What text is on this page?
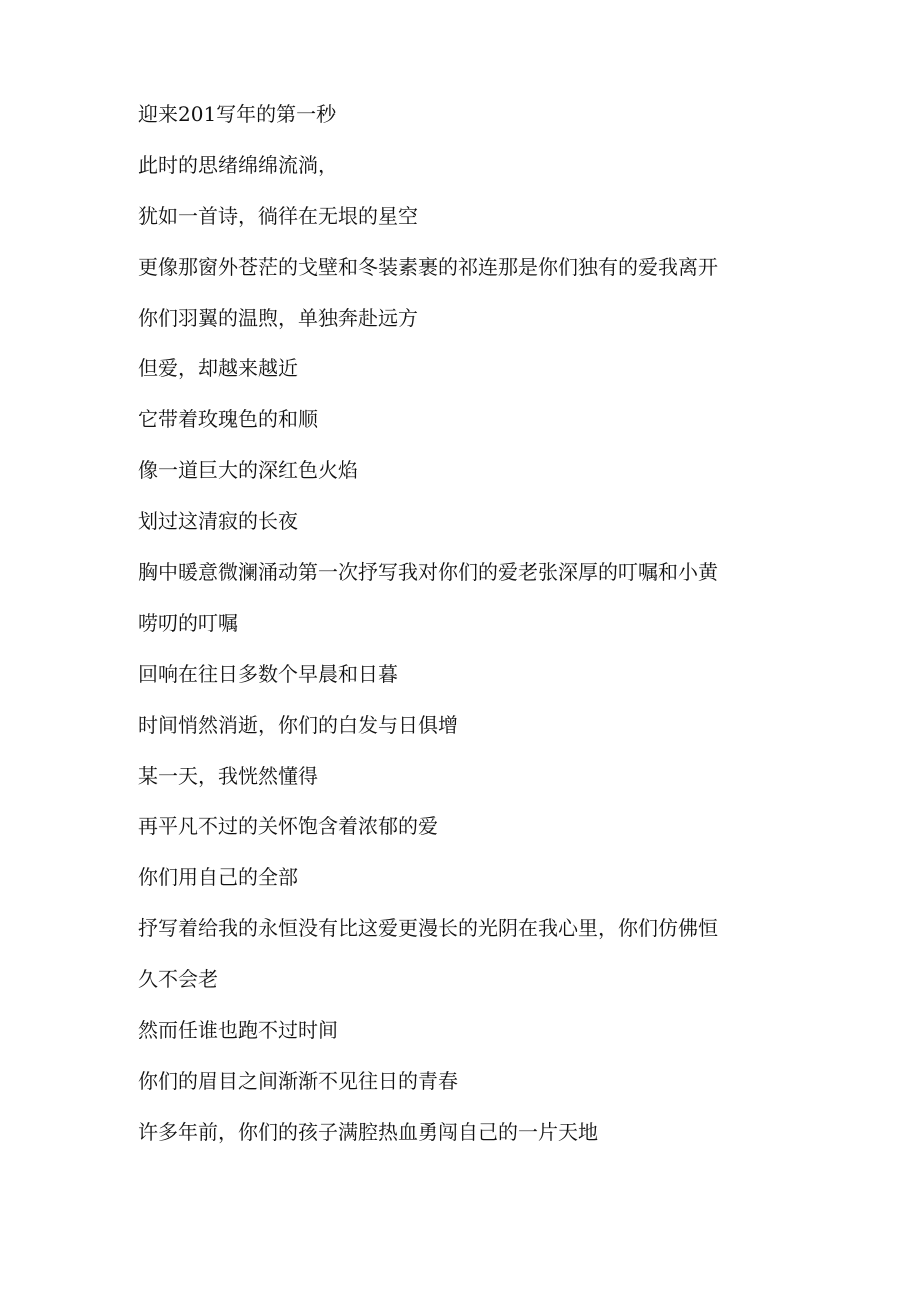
迎来201写年的第一秒
此时的思绪绵绵流淌，
犹如一首诗，徜徉在无垠的星空
更像那窗外苍茫的戈壁和冬装素裹的祁连那是你们独有的爱我离开
你们羽翼的温煦，单独奔赴远方
但爱，却越来越近
它带着玫瑰色的和顺
像一道巨大的深红色火焰
划过这清寂的长夜
胸中暖意微澜涌动第一次抒写我对你们的爱老张深厚的叮嘱和小黄
唠叨的叮嘱
回响在往日多数个早晨和日暮
时间悄然消逝，你们的白发与日俱增
某一天，我恍然懂得
再平凡不过的关怀饱含着浓郁的爱
你们用自己的全部
抒写着给我的永恒没有比这爱更漫长的光阴在我心里，你们仿佛恒
久不会老
然而任谁也跑不过时间
你们的眉目之间渐渐不见往日的青春
许多年前，你们的孩子满腔热血勇闯自己的一片天地
